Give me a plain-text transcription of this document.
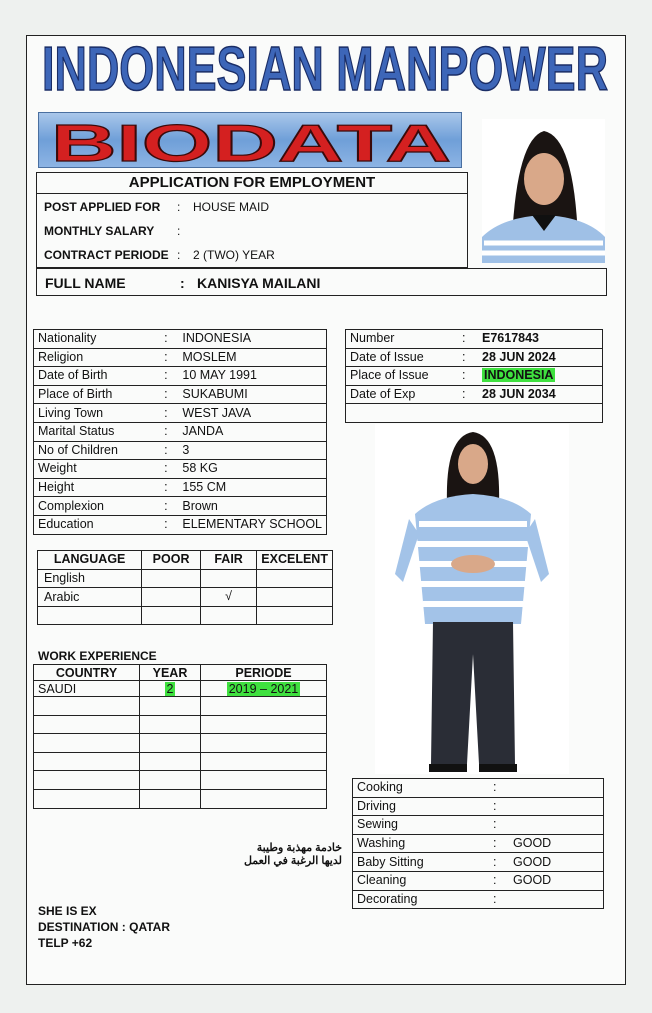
INDONESIAN MANPOWER
BIODATA
APPLICATION FOR EMPLOYMENT
POST APPLIED FOR : HOUSE MAID
MONTHLY SALARY :
CONTRACT PERIODE : 2 (TWO) YEAR
FULL NAME	: KANISYA MAILANI
Nationality	:	INDONESIA
Religion	:	MOSLEM
Date of Birth	:	10 MAY 1991
Place of Birth	:	SUKABUMI
Living Town	:	WEST JAVA
Marital Status	:	JANDA
No of Children	:	3
Weight	:	58 KG
Height	:	155 CM
Complexion	:	Brown
Education	:	ELEMENTARY SCHOOL
Number	:	E7617843
Date of Issue	:	28 JUN 2024
Place of Issue	:	INDONESIA
Date of Exp	:	28 JUN 2034

LANGUAGE	POOR	FAIR	EXCELENT
English			
Arabic		√	

WORK EXPERIENCE
COUNTRY	YEAR	PERIODE
SAUDI	2	2019 – 2021

Cooking	:	
Driving	:	
Sewing	:	
Washing	:	GOOD
Baby Sitting	:	GOOD
Cleaning	:	GOOD
Decorating	:	
خادمة مهذبة وطيبة
لديها الرغبة في العمل
SHE IS EX
DESTINATION : QATAR
TELP +62
